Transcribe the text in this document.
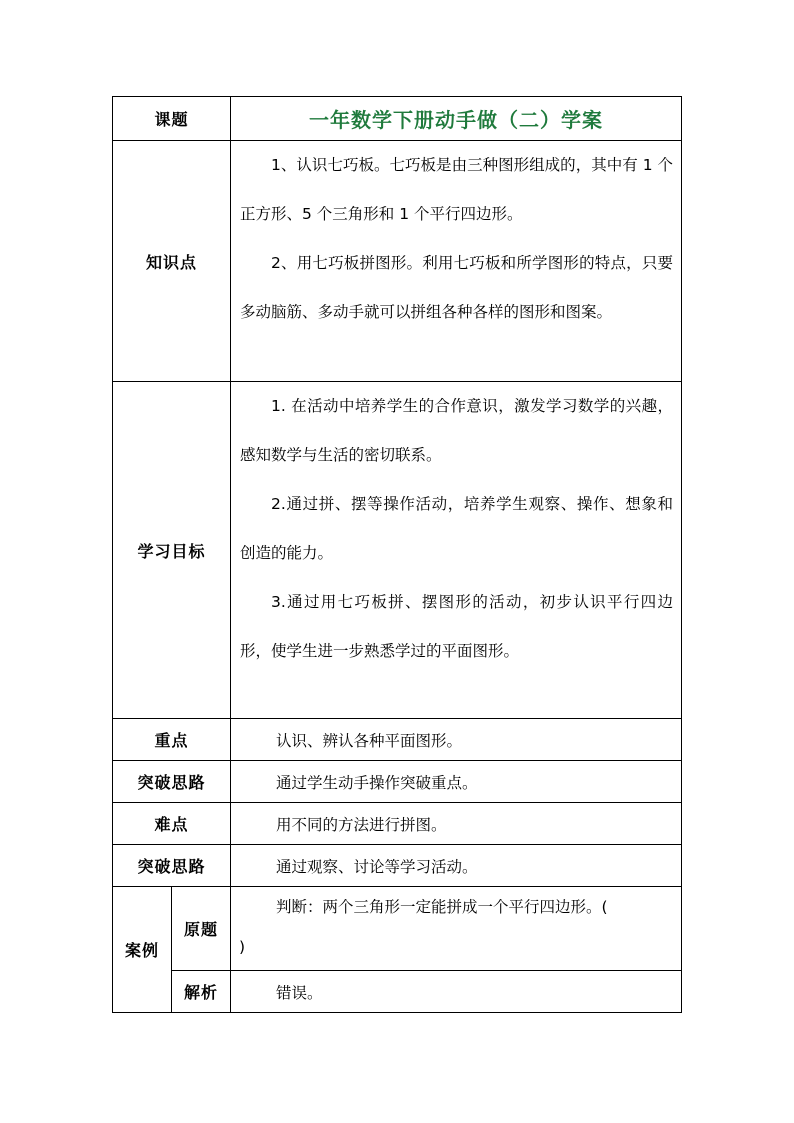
课题		一年数学下册动手做（二）学案
知识点		1、认识七巧板。七巧板是由三种图形组成的，其中有 1 个正方形、5 个三角形和 1 个平行四边形。

2、用七巧板拼图形。利用七巧板和所学图形的特点，只要多动脑筋、多动手就可以拼组各种各样的图形和图案。

学习目标		1. 在活动中培养学生的合作意识，激发学习数学的兴趣，感知数学与生活的密切联系。

2.通过拼、摆等操作活动，培养学生观察、操作、想象和创造的能力。

3.通过用七巧板拼、摆图形的活动，初步认识平行四边形，使学生进一步熟悉学过的平面图形。

重点		认识、辨认各种平面图形。
突破思路		通过学生动手操作突破重点。
难点		用不同的方法进行拼图。
突破思路		通过观察、讨论等学习活动。
案例	原题	判断：两个三角形一定能拼成一个平行四边形。(
)

	解析	错误。
